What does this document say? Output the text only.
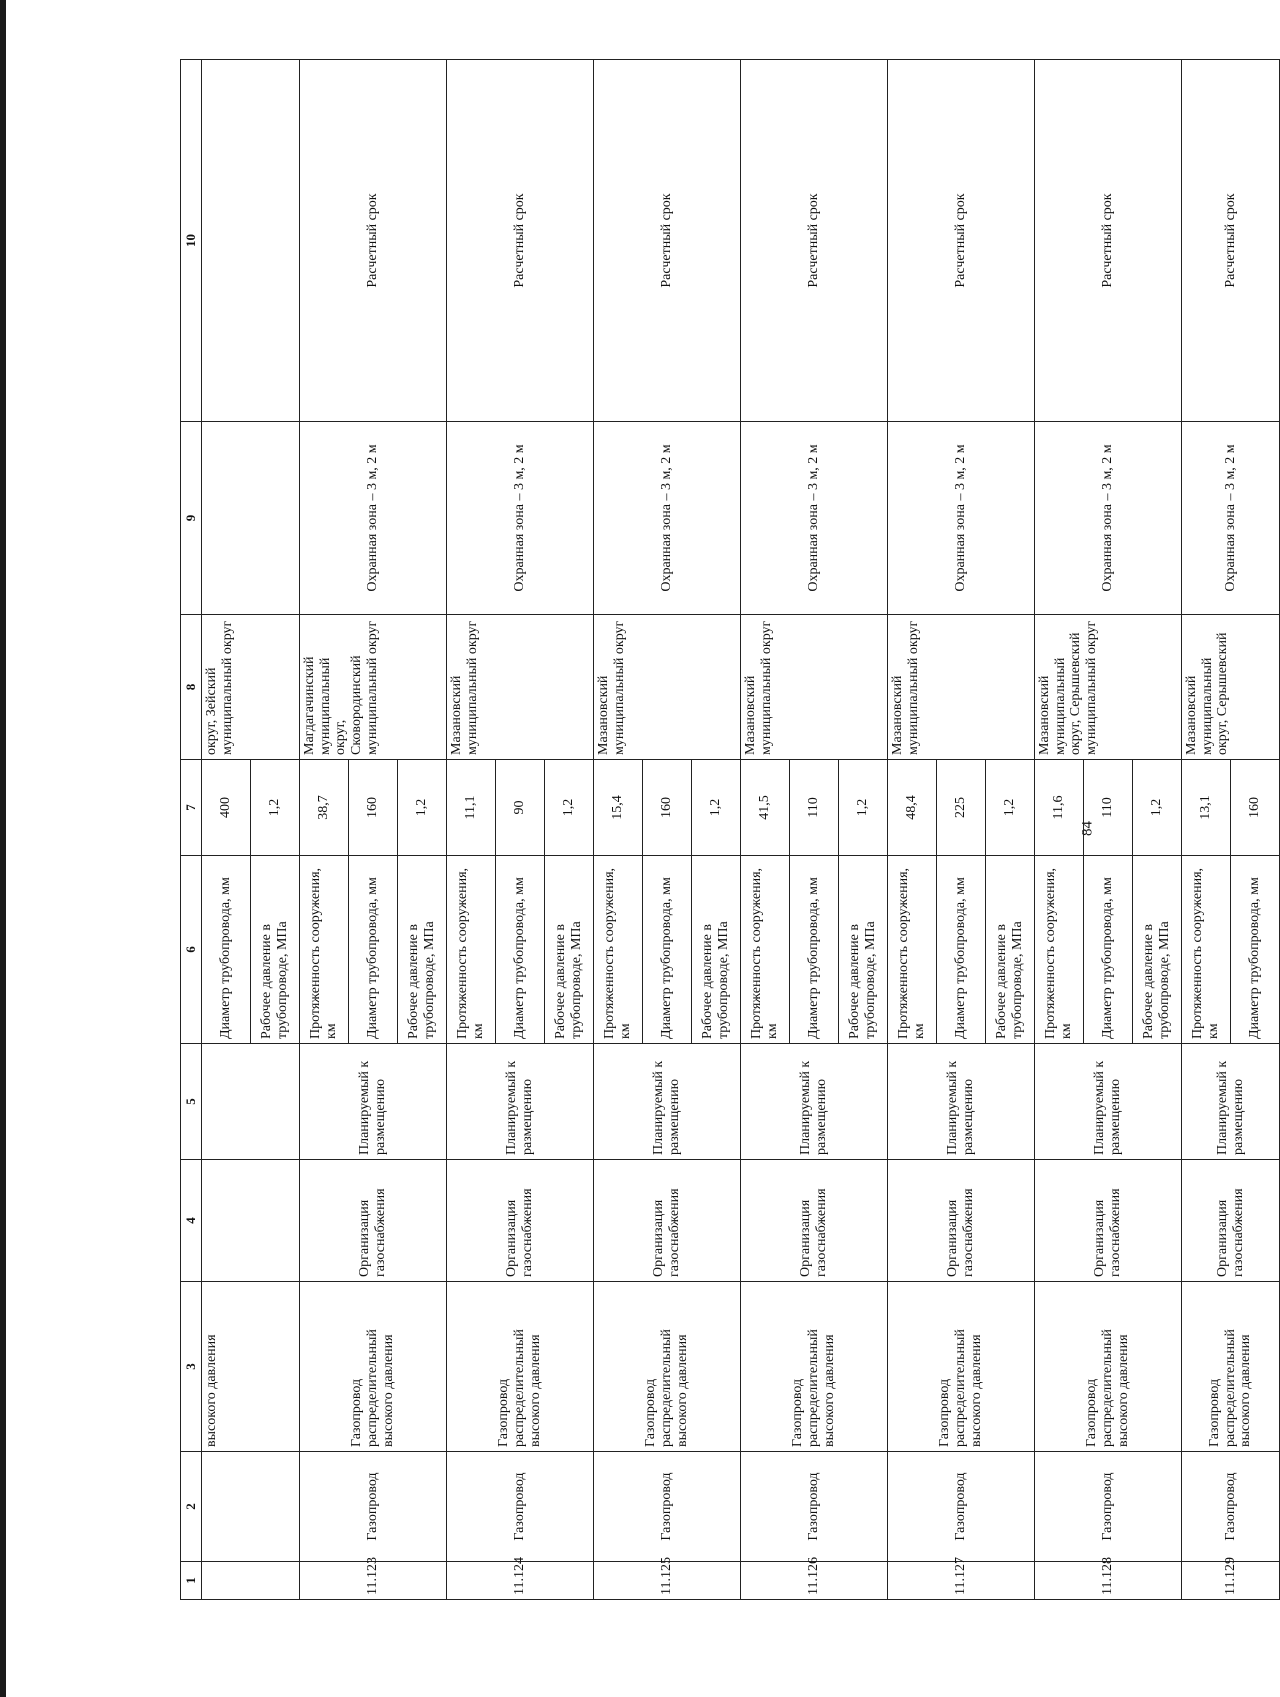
84
1	2	3	4	5	6	7	8	9	10
		высокого давления			Диаметр трубопровода, мм	400	округ, Зейский муниципальный округ		
					Рабочее давление в трубопроводе, МПа	1,2			
11.123	Газопровод	Газопровод распределительный высокого давления	Организация газоснабжения	Планируемый к размещению	Протяженность сооружения, км	38,7	Магдагачинский муниципальный округ, Сковородинский муниципальный округ	Охранная зона – 3 м, 2 м	Расчетный срок
					Диаметр трубопровода, мм	160			
					Рабочее давление в трубопроводе, МПа	1,2			
11.124	Газопровод	Газопровод распределительный высокого давления	Организация газоснабжения	Планируемый к размещению	Протяженность сооружения, км	11,1	Мазановский муниципальный округ	Охранная зона – 3 м, 2 м	Расчетный срок
					Диаметр трубопровода, мм	90			
					Рабочее давление в трубопроводе, МПа	1,2			
11.125	Газопровод	Газопровод распределительный высокого давления	Организация газоснабжения	Планируемый к размещению	Протяженность сооружения, км	15,4	Мазановский муниципальный округ	Охранная зона – 3 м, 2 м	Расчетный срок
					Диаметр трубопровода, мм	160			
					Рабочее давление в трубопроводе, МПа	1,2			
11.126	Газопровод	Газопровод распределительный высокого давления	Организация газоснабжения	Планируемый к размещению	Протяженность сооружения, км	41,5	Мазановский муниципальный округ	Охранная зона – 3 м, 2 м	Расчетный срок
					Диаметр трубопровода, мм	110			
					Рабочее давление в трубопроводе, МПа	1,2			
11.127	Газопровод	Газопровод распределительный высокого давления	Организация газоснабжения	Планируемый к размещению	Протяженность сооружения, км	48,4	Мазановский муниципальный округ	Охранная зона – 3 м, 2 м	Расчетный срок
					Диаметр трубопровода, мм	225			
					Рабочее давление в трубопроводе, МПа	1,2			
11.128	Газопровод	Газопровод распределительный высокого давления	Организация газоснабжения	Планируемый к размещению	Протяженность сооружения, км	11,6	Мазановский муниципальный округ, Серышевский муниципальный округ	Охранная зона – 3 м, 2 м	Расчетный срок
					Диаметр трубопровода, мм	110			
					Рабочее давление в трубопроводе, МПа	1,2			
11.129	Газопровод	Газопровод распределительный высокого давления	Организация газоснабжения	Планируемый к размещению	Протяженность сооружения, км	13,1	Мазановский муниципальный округ, Серышевский	Охранная зона – 3 м, 2 м	Расчетный срок
					Диаметр трубопровода, мм	160			
